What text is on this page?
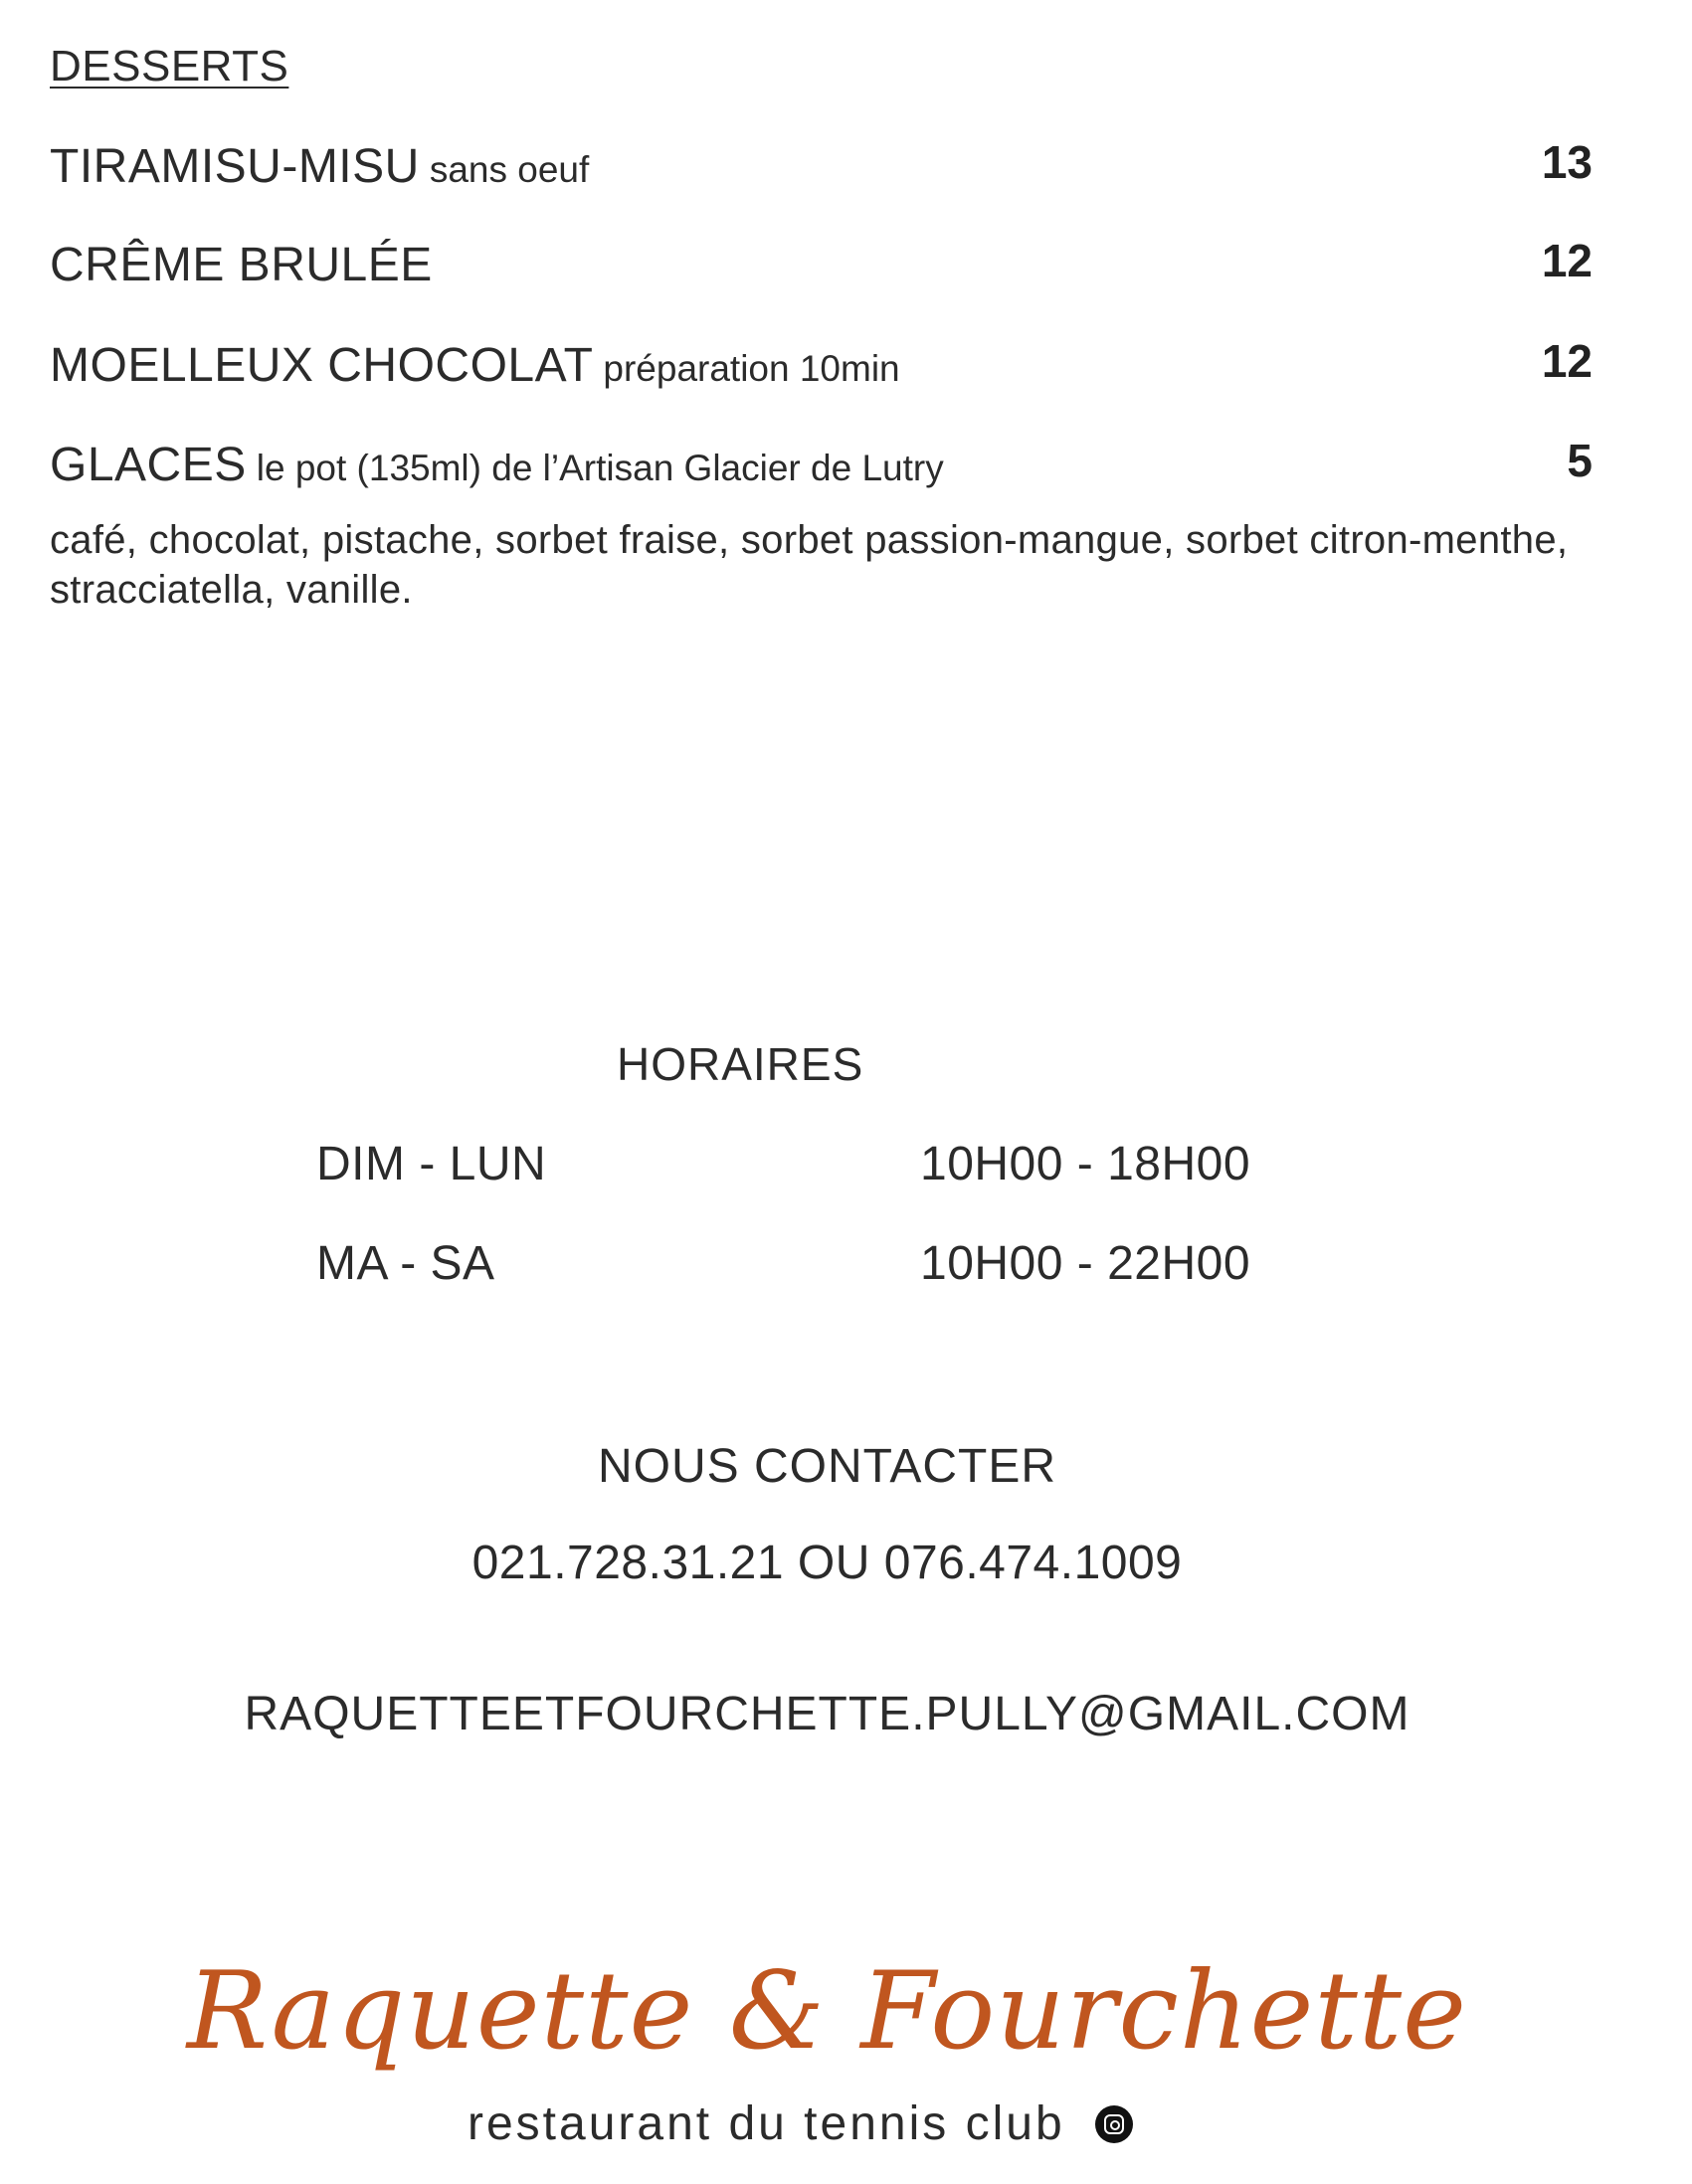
DESSERTS
TIRAMISU-MISU sans oeuf	13
CRÊME BRULÉE	12
MOELLEUX CHOCOLAT préparation 10min	12
GLACES le pot (135ml) de l’Artisan Glacier de Lutry	5
café, chocolat, pistache, sorbet fraise, sorbet passion-mangue, sorbet citron-menthe, stracciatella, vanille.
HORAIRES
DIM - LUN	10H00 - 18H00
MA - SA	10H00 - 22H00
NOUS CONTACTER
021.728.31.21 OU 076.474.1009
RAQUETTEETFOURCHETTE.PULLY@GMAIL.COM
Raquette & Fourchette
restaurant du tennis club
